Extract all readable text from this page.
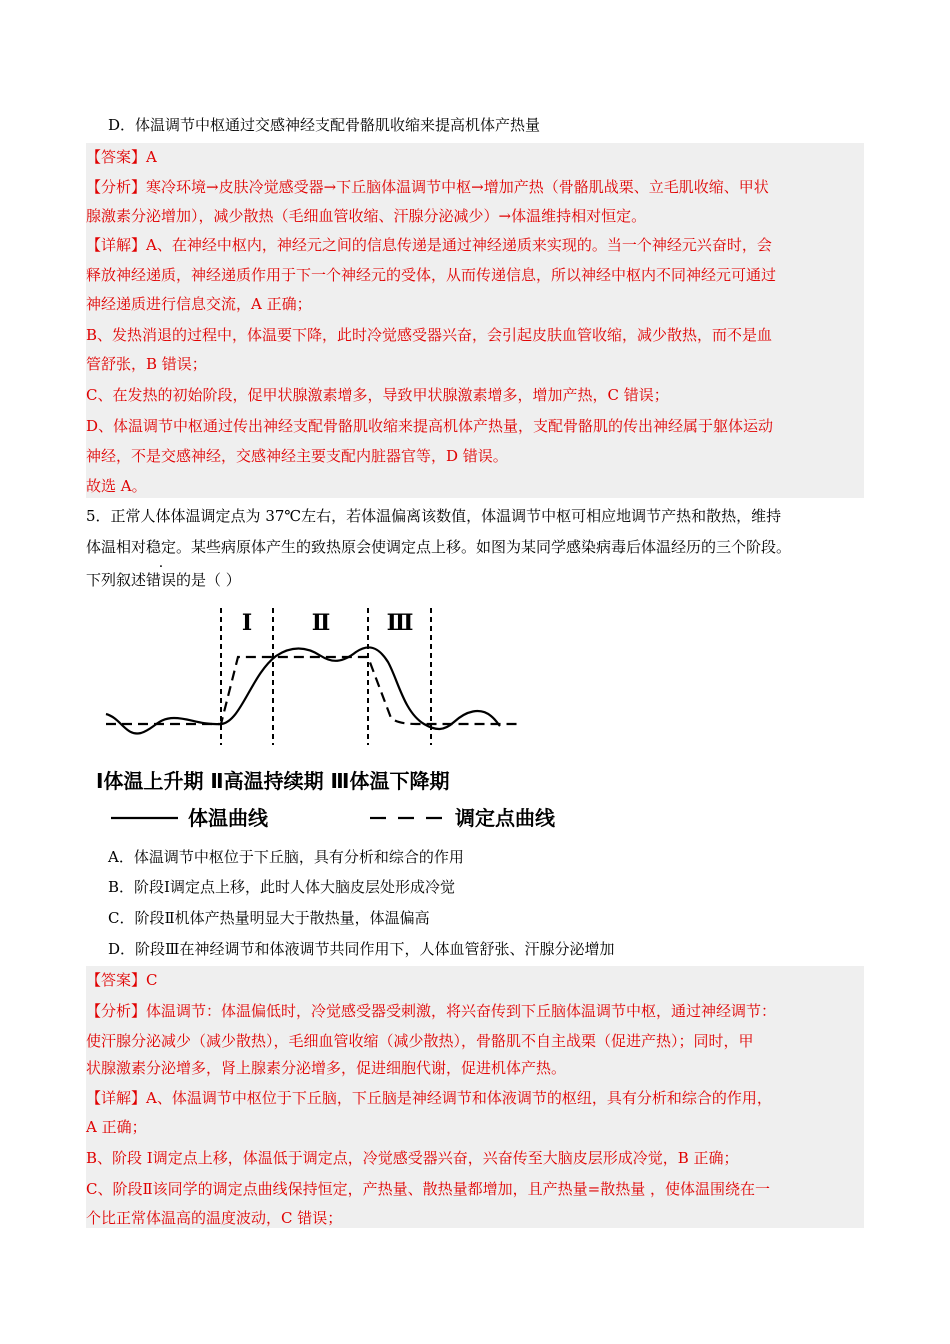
D．体温调节中枢通过交感神经支配骨骼肌收缩来提高机体产热量
【答案】A
【分析】寒冷环境→皮肤冷觉感受器→下丘脑体温调节中枢→增加产热（骨骼肌战栗、立毛肌收缩、甲状
腺激素分泌增加），减少散热（毛细血管收缩、汗腺分泌减少）→体温维持相对恒定。
【详解】A、在神经中枢内，神经元之间的信息传递是通过神经递质来实现的。当一个神经元兴奋时，会
释放神经递质，神经递质作用于下一个神经元的受体，从而传递信息，所以神经中枢内不同神经元可通过
神经递质进行信息交流，A 正确；
B、发热消退的过程中，体温要下降，此时冷觉感受器兴奋，会引起皮肤血管收缩，减少散热，而不是血
管舒张，B 错误；
C、在发热的初始阶段，促甲状腺激素增多，导致甲状腺激素增多，增加产热，C 错误；
D、体温调节中枢通过传出神经支配骨骼肌收缩来提高机体产热量，支配骨骼肌的传出神经属于躯体运动
神经，不是交感神经，交感神经主要支配内脏器官等，D 错误。
故选 A。
5．正常人体体温调定点为 37℃左右，若体温偏离该数值，体温调节中枢可相应地调节产热和散热，维持
体温相对稳定。某些病原体产生的致热原会使调定点上移。如图为某同学感染病毒后体温经历的三个阶段。
下列叙述错误的是（ ）
Ⅰ	Ⅱ	Ⅲ
Ⅰ体温上升期 Ⅱ高温持续期 Ⅲ体温下降期
体温曲线	调定点曲线
A．体温调节中枢位于下丘脑，具有分析和综合的作用
B．阶段Ⅰ调定点上移，此时人体大脑皮层处形成冷觉
C．阶段Ⅱ机体产热量明显大于散热量，体温偏高
D．阶段Ⅲ在神经调节和体液调节共同作用下，人体血管舒张、汗腺分泌增加
【答案】C
【分析】体温调节：体温偏低时，冷觉感受器受刺激，将兴奋传到下丘脑体温调节中枢，通过神经调节：
使汗腺分泌减少（减少散热），毛细血管收缩（减少散热），骨骼肌不自主战栗（促进产热）；同时，甲
状腺激素分泌增多，肾上腺素分泌增多，促进细胞代谢，促进机体产热。
【详解】A、体温调节中枢位于下丘脑，下丘脑是神经调节和体液调节的枢纽，具有分析和综合的作用，
A 正确；
B、阶段 Ⅰ调定点上移，体温低于调定点，冷觉感受器兴奋，兴奋传至大脑皮层形成冷觉，B 正确；
C、阶段Ⅱ该同学的调定点曲线保持恒定，产热量、散热量都增加，且产热量=散热量 ，使体温围绕在一
个比正常体温高的温度波动，C 错误；
